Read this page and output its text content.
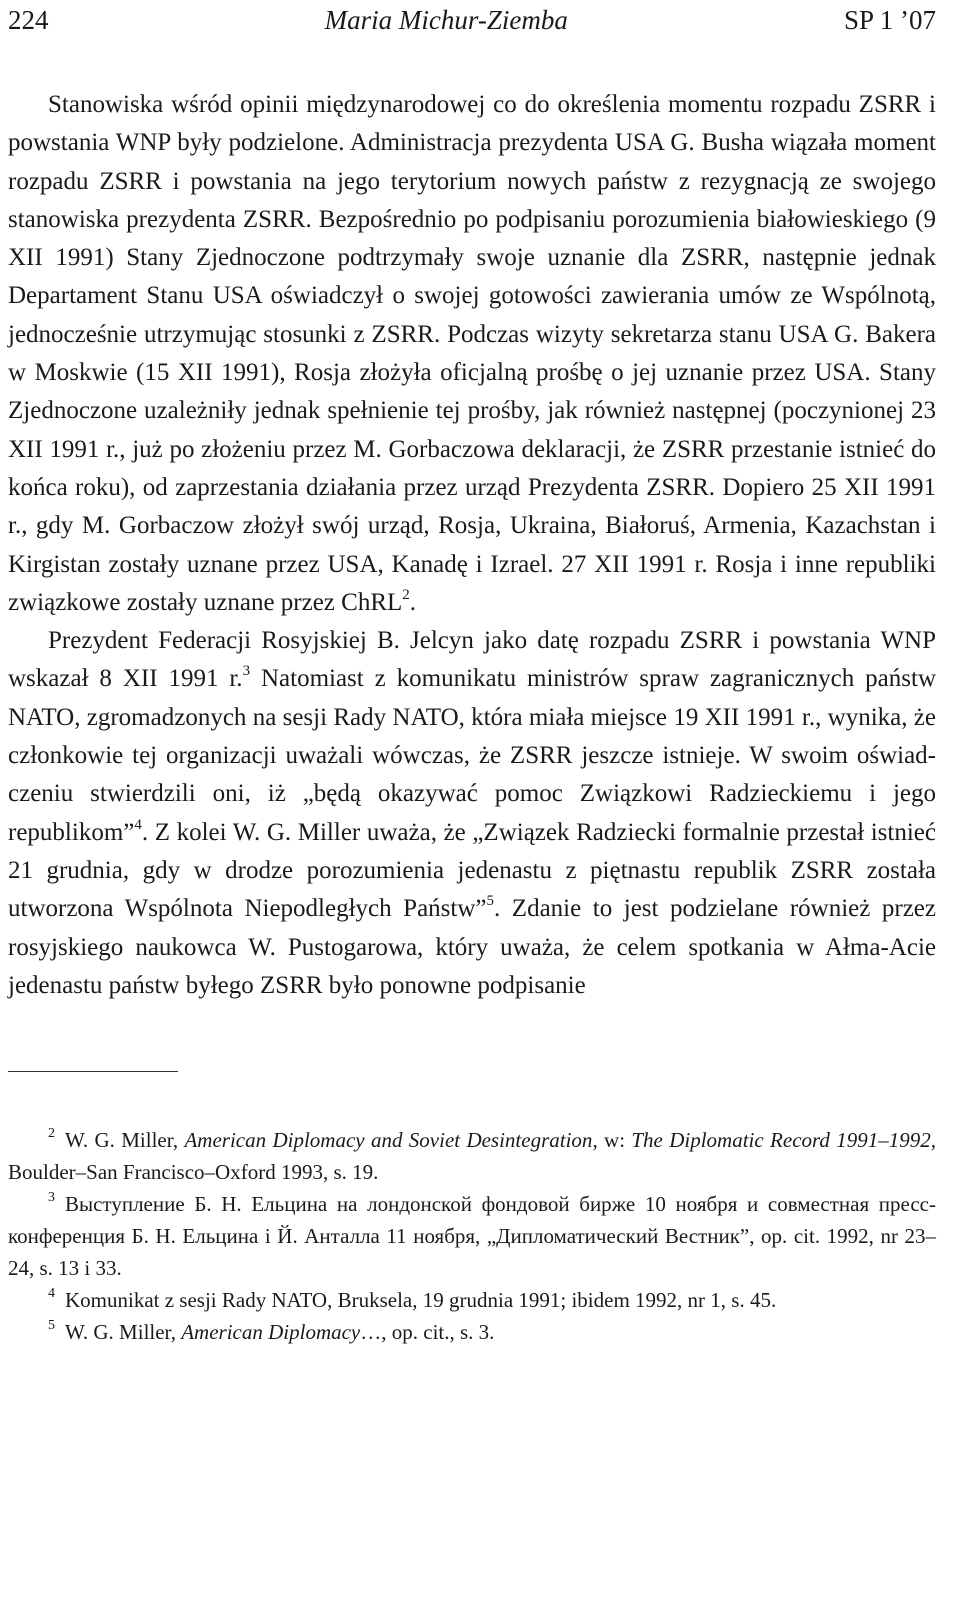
224	Maria Michur-Ziemba	SP 1 ’07

Stanowiska wśród opinii międzynarodowej co do określenia momentu rozpadu ZSRR i powstania WNP były podzielone. Administracja prezydenta USA G. Busha wiązała moment rozpadu ZSRR i powstania na jego terytorium nowych państw z rezygnacją ze swojego stanowiska prezydenta ZSRR. Bezpośrednio po podpisaniu porozumienia białowieskiego (9 XII 1991) Stany Zjednoczone podtrzymały swoje uznanie dla ZSRR, następnie jednak Departament Stanu USA oświadczył o swojej gotowości zawierania umów ze Wspólnotą, jednocześnie utrzymując stosunki z ZSRR. Podczas wizyty sekretarza stanu USA G. Bakera w Moskwie (15 XII 1991), Rosja złożyła oficjalną prośbę o jej uznanie przez USA. Stany Zjednoczone uzależniły jednak spełnienie tej prośby, jak również następnej (poczynionej 23 XII 1991 r., już po złożeniu przez M. Gorbaczowa deklaracji, że ZSRR przestanie istnieć do końca roku), od zaprzestania działania przez urząd Prezydenta ZSRR. Dopiero 25 XII 1991 r., gdy M. Gorbaczow złożył swój urząd, Rosja, Ukraina, Białoruś, Armenia, Kazachstan i Kirgistan zostały uznane przez USA, Kanadę i Izrael. 27 XII 1991 r. Rosja i inne republiki związkowe zostały uznane przez ChRL$^2$.

Prezydent Federacji Rosyjskiej B. Jelcyn jako datę rozpadu ZSRR i powstania WNP wskazał 8 XII 1991 r.$^3$ Natomiast z komunikatu ministrów spraw zagranicznych państw NATO, zgromadzonych na sesji Rady NATO, która miała miejsce 19 XII 1991 r., wynika, że członkowie tej organizacji uważali wówczas, że ZSRR jeszcze istnieje. W swoim oświadczeniu stwierdzili oni, iż „będą okazywać pomoc Związkowi Radzieckiemu i jego republikom”$^4$. Z kolei W. G. Miller uważa, że „Związek Radziecki formalnie przestał istnieć 21 grudnia, gdy w drodze porozumienia jedenastu z piętnastu republik ZSRR została utworzona Wspólnota Niepodległych Państw”$^5$. Zdanie to jest podzielane również przez rosyjskiego naukowca W. Pustogarowa, który uważa, że celem spotkania w Ałma-Acie jedenastu państw byłego ZSRR było ponowne podpisanie

$^2$ W. G. Miller, American Diplomacy and Soviet Desintegration, w: The Diplomatic Record 1991–1992, Boulder–San Francisco–Oxford 1993, s. 19.

$^3$ Выступление Б. Н. Ельцина на лондонской фондовой бирже 10 ноября и совместная пресс-конференция Б. Н. Ельцина і Й. Анталла 11 ноября, „Дипломатический Вестник”, op. cit. 1992, nr 23–24, s. 13 i 33.

$^4$ Komunikat z sesji Rady NATO, Bruksela, 19 grudnia 1991; ibidem 1992, nr 1, s. 45.

$^5$ W. G. Miller, American Diplomacy…, op. cit., s. 3.
